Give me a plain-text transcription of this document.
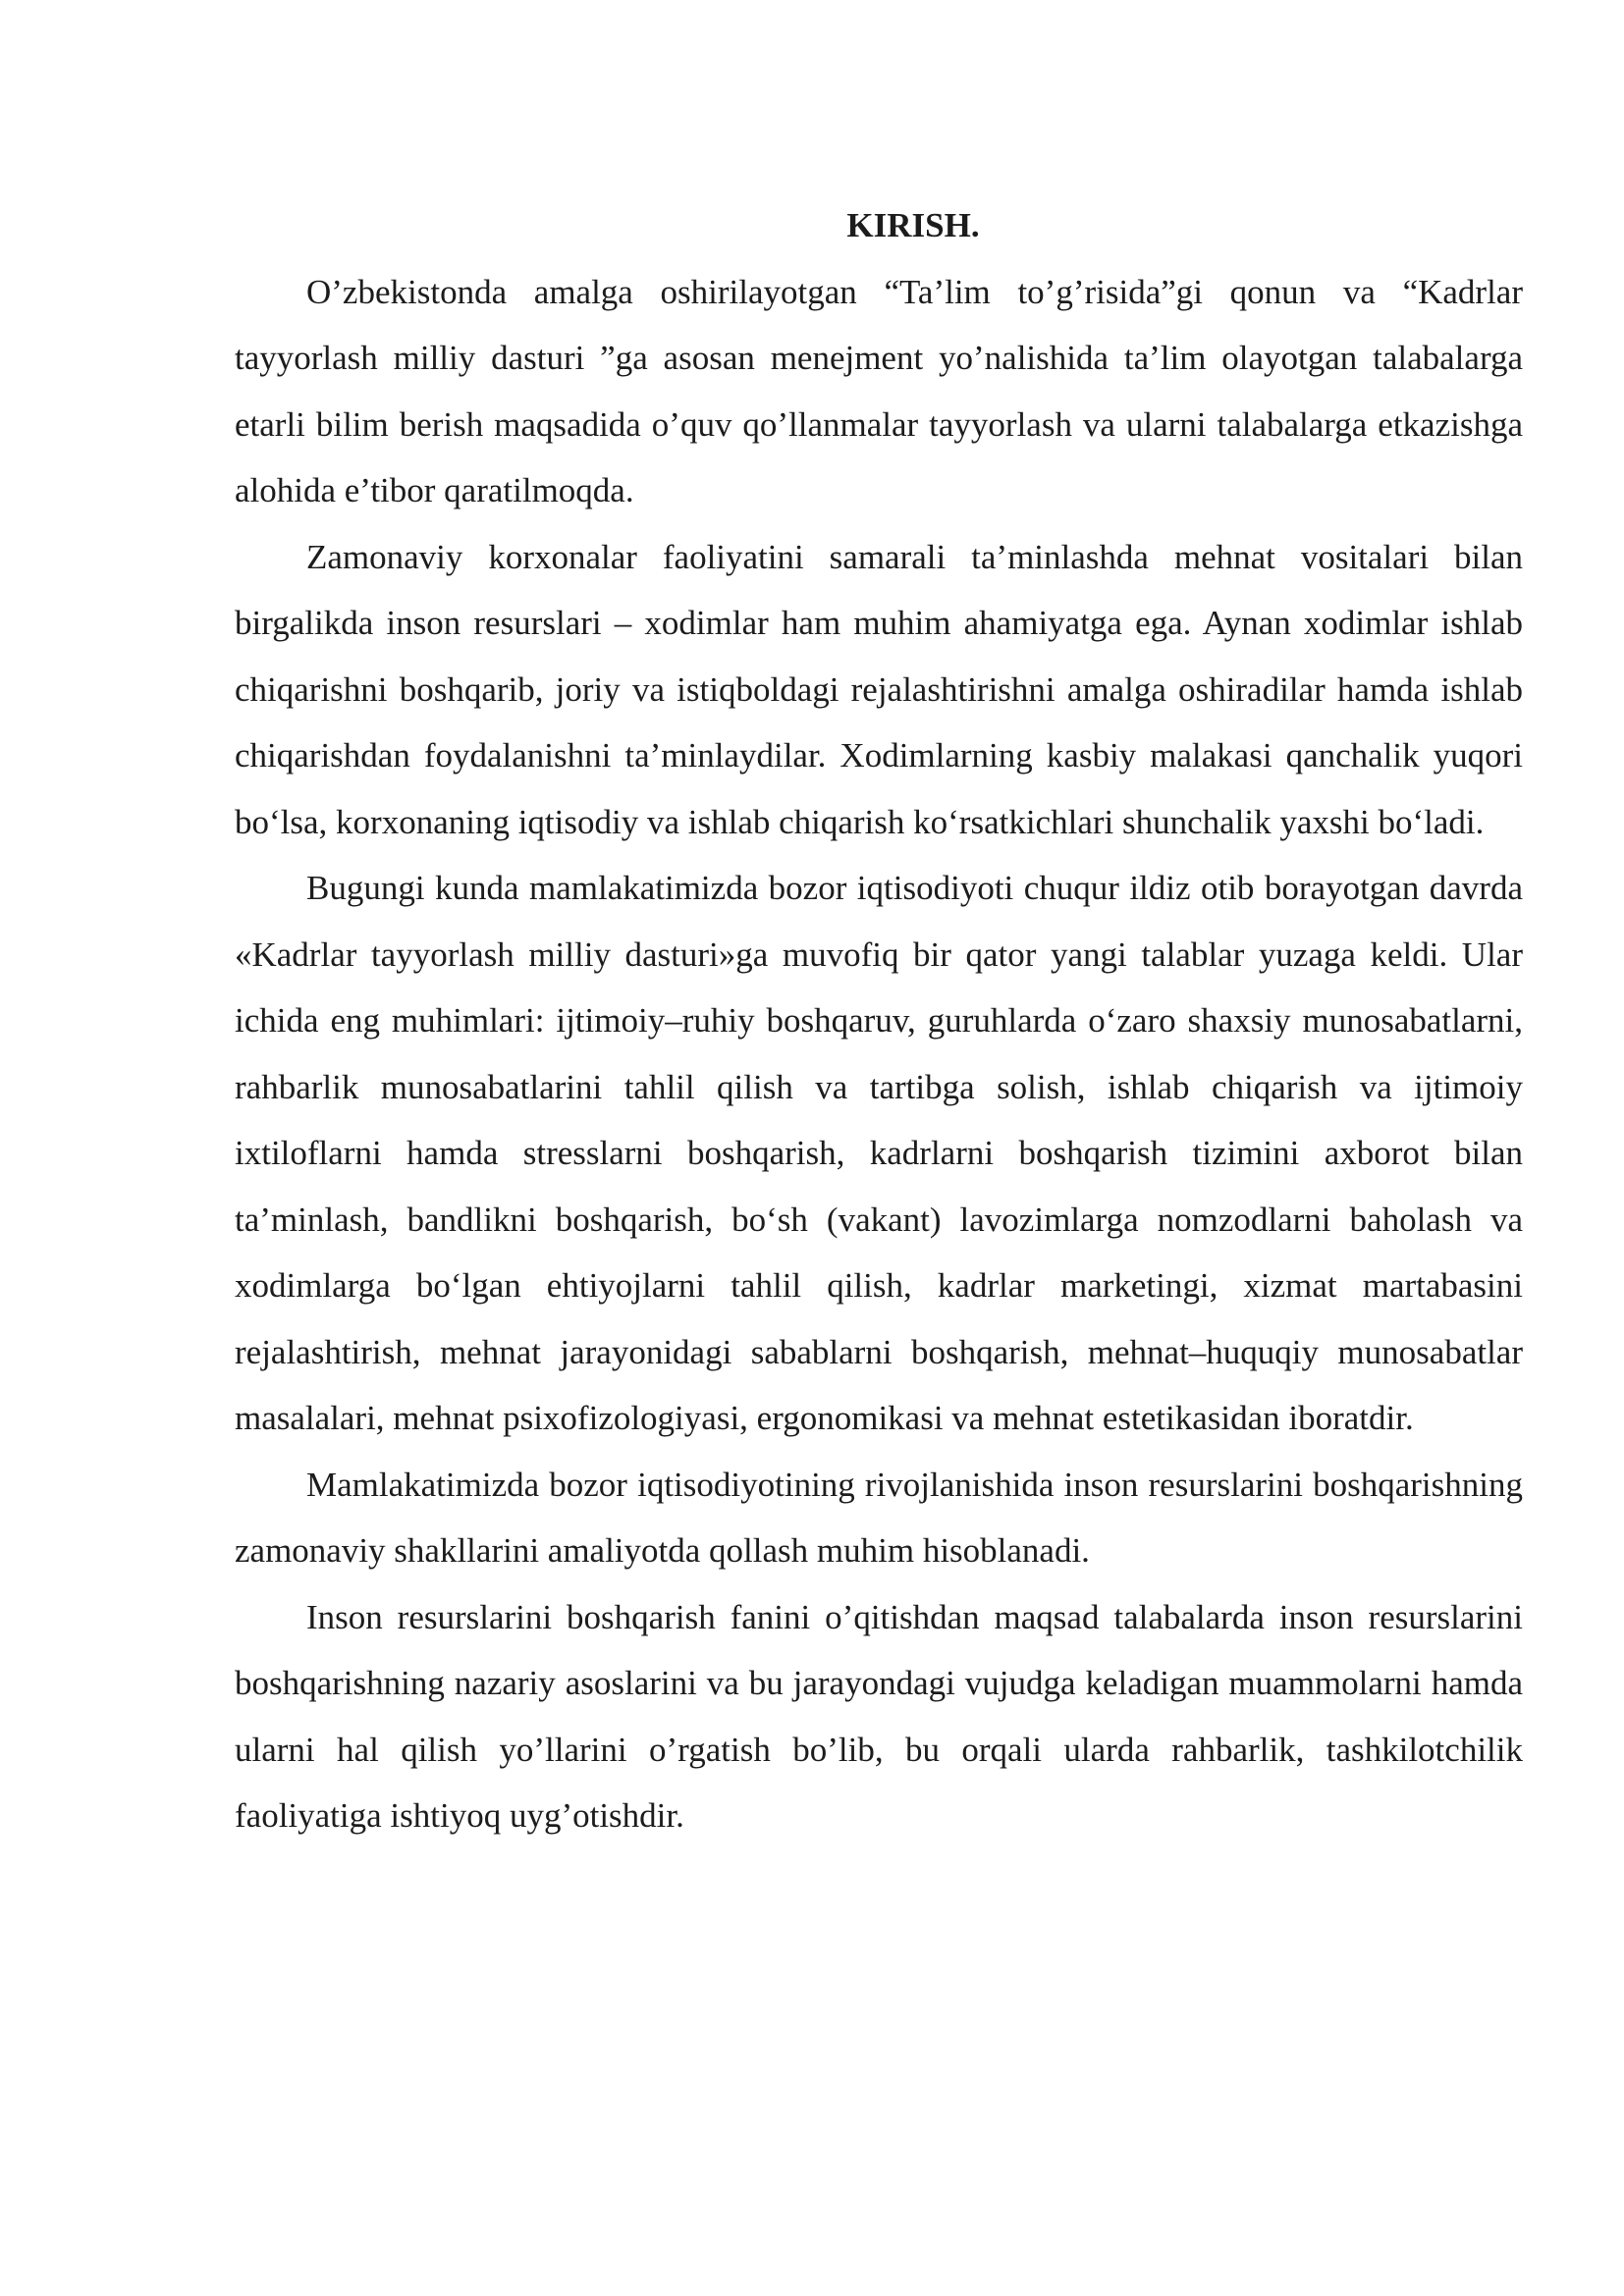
KIRISH.

O’zbekistonda amalga oshirilayotgan “Ta’lim to’g’risida”gi qonun va “Kadrlar tayyorlash milliy dasturi ”ga asosan menejment yo’nalishida ta’lim olayotgan talabalarga etarli bilim berish maqsadida o’quv qo’llanmalar tayyorlash va ularni talabalarga etkazishga alohida e’tibor qaratilmoqda.

Zamonaviy korxonalar faoliyatini samarali ta’minlashda mehnat vositalari bilan birgalikda inson resurslari – xodimlar ham muhim ahamiyatga ega. Aynan xodimlar ishlab chiqarishni boshqarib, joriy va istiqboldagi rejalashtirishni amalga oshiradilar hamda ishlab chiqarishdan foydalanishni ta’minlaydilar. Xodimlarning kasbiy malakasi qanchalik yuqori bo‘lsa, korxonaning iqtisodiy va ishlab chiqarish ko‘rsatkichlari shunchalik yaxshi bo‘ladi.

Bugungi kunda mamlakatimizda bozor iqtisodiyoti chuqur ildiz otib borayotgan davrda «Kadrlar tayyorlash milliy dasturi»ga muvofiq bir qator yangi talablar yuzaga keldi. Ular ichida eng muhimlari: ijtimoiy–ruhiy boshqaruv, guruhlarda o‘zaro shaxsiy munosabatlarni, rahbarlik munosabatlarini tahlil qilish va tartibga solish, ishlab chiqarish va ijtimoiy ixtiloflarni hamda stresslarni boshqarish, kadrlarni boshqarish tizimini axborot bilan ta’minlash, bandlikni boshqarish, bo‘sh (vakant) lavozimlarga nomzodlarni baholash va xodimlarga bo‘lgan ehtiyojlarni tahlil qilish, kadrlar marketingi, xizmat martabasini rejalashtirish, mehnat jarayonidagi sabablarni boshqarish, mehnat–huquqiy munosabatlar masalalari, mehnat psixofizologiyasi, ergonomikasi va mehnat estetikasidan iboratdir.

Mamlakatimizda bozor iqtisodiyotining rivojlanishida inson resurslarini boshqarishning zamonaviy shakllarini amaliyotda qollash muhim hisoblanadi.

Inson resurslarini boshqarish fanini o’qitishdan maqsad talabalarda inson resurslarini boshqarishning nazariy asoslarini va bu jarayondagi vujudga keladigan muammolarni hamda ularni hal qilish yo’llarini o’rgatish bo’lib, bu orqali ularda rahbarlik, tashkilotchilik faoliyatiga ishtiyoq uyg’otishdir.
